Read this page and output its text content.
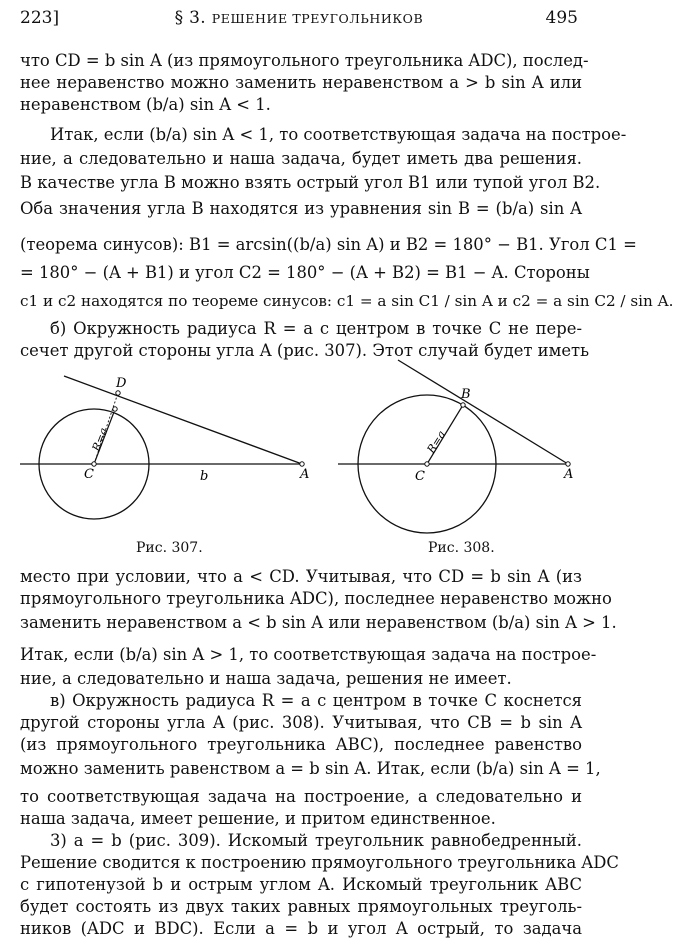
223]	§ 3. РЕШЕНИЕ ТРЕУГОЛЬНИКОВ	495
что CD = b sin A (из прямоугольного треугольника ADC), послед-
нее неравенство можно заменить неравенством a > b sin A или
неравенством (b/a) sin A < 1.
Итак, если (b/a) sin A < 1, то соответствующая задача на построе-
ние, а следовательно и наша задача, будет иметь два решения.
В качестве угла B можно взять острый угол B1 или тупой угол B2.
Оба значения угла B находятся из уравнения sin B = (b/a) sin A
(теорема синусов): B1 = arcsin((b/a) sin A) и B2 = 180° − B1. Угол C1 =
= 180° − (A + B1) и угол C2 = 180° − (A + B2) = B1 − A. Стороны
c1 и c2 находятся по теореме синусов: c1 = a sin C1 / sin A и c2 = a sin C2 / sin A.
б) Окружность радиуса R = a с центром в точке C не пере-
сечет другой стороны угла A (рис. 307). Этот случай будет иметь
D
C	A
b
R=a
B
C	A
R=a
Рис. 307.	Рис. 308.
место при условии, что a < CD. Учитывая, что CD = b sin A (из
прямоугольного треугольника ADC), последнее неравенство можно
заменить неравенством a < b sin A или неравенством (b/a) sin A > 1.
Итак, если (b/a) sin A > 1, то соответствующая задача на построе-
ние, а следовательно и наша задача, решения не имеет.
в) Окружность радиуса R = a с центром в точке C коснется
другой стороны угла A (рис. 308). Учитывая, что CB = b sin A
(из прямоугольного треугольника ABC), последнее равенство
можно заменить равенством a = b sin A. Итак, если (b/a) sin A = 1,
то соответствующая задача на построение, а следовательно и
наша задача, имеет решение, и притом единственное.
3) a = b (рис. 309). Искомый треугольник равнобедренный.
Решение сводится к построению прямоугольного треугольника ADC
с гипотенузой b и острым углом A. Искомый треугольник ABC
будет состоять из двух таких равных прямоугольных треуголь-
ников (ADC и BDC). Если a = b и угол A острый, то задача
